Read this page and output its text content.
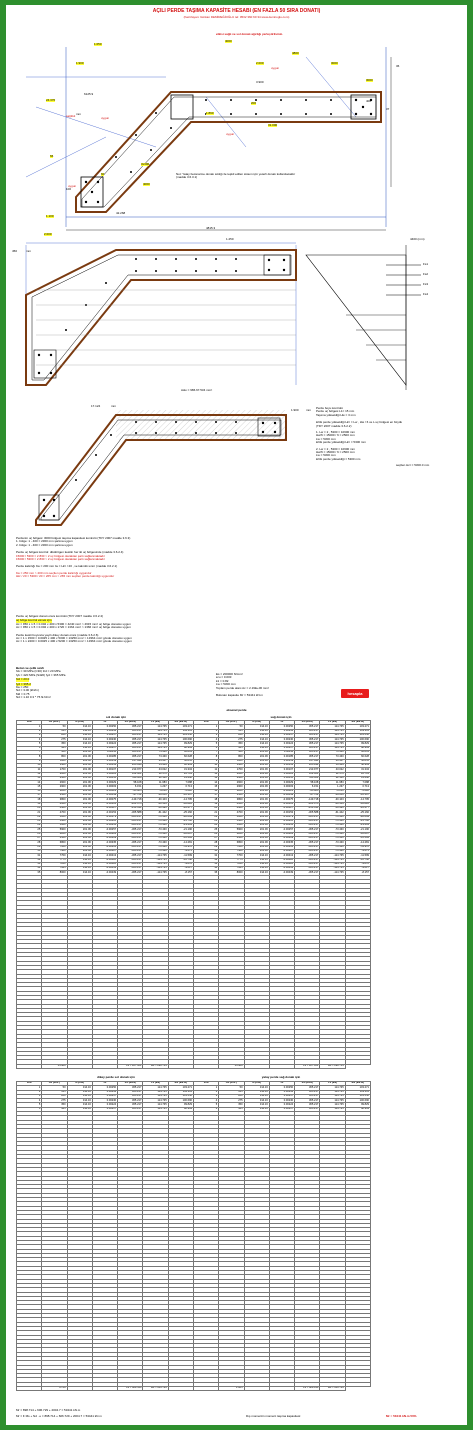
AÇILI PERDE TAŞIMA KAPASİTE HESABI (EN FAZLA 50 SIRA DONATI)
(hazırlayan: Gürkan DEMİREĞİOĞLU tel: 0532 360 60 34 www.demiroglu.com)
etkisi sağlı ve sol donatı ağırlığı yerleştirilsiniz.
4000
1.050
1.900
4800
2.000	3000
3000
200
1.890
24.370
31.000
6125.9
66
60
3x300
4000
1.100
2.000
42.268
4815.3
3.900
100
400
37
36
mm
sağlıklı	uygun
uygun
uygun
uygun
Not: Yatay betonarme donatı sıklığı ile teşkil edilen sistem için yeterli donatı kullanılacaktır (madde 3.6.3.1)
1.250
450	mm
4400 (mm)
Fs1
Fs2
Fs3
Fs4
Askı = 986.67.534 mm²
17.124	mm
1.900 mm Perde boyu kontrolü
Perde uç bölgesi L1= 15 mm
Taşıma yüksekliği Hw = 3 mm
kritik perde yüksekliği Hcr = Lw , Hw / 6 ve L uç bölgesi en büyük
(TDY 2007 madde 3.6.2.2)
1. Lw = 2 , 5300 = 10600 mm
Hw/6 = 15000 / 6 = 2500 mm
Lw = 5300 mm
kritik perde yüksekliği Hcr = 5300 mm
2. Lw = 2 , 5300 = 10600 mm
Hw/6 = 15000 / 6 = 2500 mm
Lw = 5300 mm
kritik perde yüksekliği = 5300 mm
seçilen Hcr = 5300.0 mm
Perdenin uç bölgesi: 3000 bölgesi taşıma kapasitesi kontrolü (TDY 2007 madde 3.6.3)
1. bölge: 1 - 400 = 2300 mm şartına uygun
2. bölge: 1 - 400 = 2300 mm şartına uygun
Perde uç bölgesi kontrol: dikdörtgen kesitin her iki uç bölgesinde (madde 3.6.2.4)
15000 / 5300 = 2.830 > 2 uç bölgesi olaraktan şartı sağlanmaktadır
15000 / 5300 = 2.830 > 2 uç bölgesi olaraktan şartı sağlanmaktadır
Perde kalınlığı bw = 200 mm tw = Hcr / 20 , ve kalınlık sınırı (madde 3.6.2.1)
bw = 250 mm > 200 mm seçilen perde kalınlığı uygundur
Hkr / 20 = 5300 / 20 = 265 mm > 265 mm seçilen perde kalınlığı uygundur
Perde uç bölgesi donatı oranı kontrolü (TDY 2007 madde 3.6.2.4)
uç bölge kontrol etmek için
Ac = 950 x 1.5 = 0.002 x 400 x 5300 = 4240 mm² > 4615 mm² uç bölge donatısı uygun
Ac = 950 x 1.5 = 0.002 x 400 x 1720 = 1364 mm² > 1366 mm² uç bölge donatısı uygun
Perde kesiti boyunca yayılı dikey donatı oranı (madde 3.6.2.6)
Ac = 1 x 1500 = 0.0025 x 400 x 5300 = 13250 mm² > 13364 mm² gövde donatısı uygun
Ac = 1 x 2400 = 0.0025 x 400 x 5200 = 13250 mm² > 13364 mm² gövde donatısı uygun
Beton ve çelik sınıfı
fck = 30 MPa (C30) fcd = 20 MPa
fyk = 420 MPa (S420) fyd = 365 MPa
fcd = 20.0
fyd = 365.2
bw = 250
Nd = 3.00 (kN/m)
Md = 0.75
Nd = 1.10 0.3 * 75 fk.N/m²
Es = 200000 N/mm²
εcu = 0.003
k1 = 0.82
Lw = 5300 mm
Toplam perde alanı Ac = 2.19E+06 mm²
Bulunan kapasite Mr = 53441 kN.m	hesapla
eksenel perde
sol donatı için	sağ donatı için
sıra	As (mm²)	d (mm)	εs	σs (MPa)	Fs (kN)	Ms (kN.m)	sıra	As (mm²)	d (mm)	εs	σs (MPa)	Fs (kN)	Ms (kN.m)
1	50	314.16	0.00250	365.217	114.735	103.271	1	50	314.16	0.00250	365.217	114.735	103.271
2	125	314.16	0.00243	365.217	114.735	102.411	2	125	314.16	0.00243	365.217	114.735	102.411
3	200	314.16	0.00237	365.217	114.735	101.550	3	200	314.16	0.00237	365.217	114.735	101.550
4	275	314.16	0.00230	365.217	114.735	100.690	4	275	314.16	0.00230	365.217	114.735	100.690
5	350	314.16	0.00224	365.217	114.735	99.829	5	350	314.16	0.00224	365.217	114.735	99.829
6	425	314.16	0.00217	365.217	114.735	98.969	6	425	314.16	0.00217	365.217	114.735	98.969
7	500	201.06	0.00211	365.217	73.430	62.831	7	500	201.06	0.00211	365.217	73.430	62.831
8	800	201.06	0.00185	365.217	73.430	60.628	8	800	201.06	0.00185	365.217	73.430	60.628
9	1100	201.06	0.00159	317.891	63.917	50.855	9	1100	201.06	0.00159	317.891	63.917	50.855
10	1400	201.06	0.00133	265.934	53.469	40.939	10	1400	201.06	0.00133	265.934	53.469	40.939
11	1700	201.06	0.00107	213.977	43.022	31.334	11	1700	201.06	0.00107	213.977	43.022	31.334
12	2000	201.06	0.00081	162.021	32.576	22.701	12	2000	201.06	0.00081	162.021	32.576	22.701
13	2300	201.06	0.00055	110.064	22.130	14.438	13	2300	201.06	0.00055	110.064	22.130	14.438
14	2600	201.06	0.00029	58.108	11.683	7.088	14	2600	201.06	0.00029	58.108	11.683	7.088
15	2900	201.06	0.00003	6.151	1.237	0.713	15	2900	201.06	0.00003	6.151	1.237	0.713
16	3200	201.06	-0.00023	-45.805	-9.210	-5.028	16	3200	201.06	-0.00023	-45.805	-9.210	-5.028
17	3500	201.06	-0.00049	-97.762	-19.656	-10.197	17	3500	201.06	-0.00049	-97.762	-19.656	-10.197
18	3800	201.06	-0.00075	-149.718	-30.103	-14.795	18	3800	201.06	-0.00075	-149.718	-30.103	-14.795
19	4100	201.06	-0.00101	-201.675	-40.549	-18.822	19	4100	201.06	-0.00101	-201.675	-40.549	-18.822
20	4400	201.06	-0.00127	-253.631	-50.996	-22.277	20	4400	201.06	-0.00127	-253.631	-50.996	-22.277
21	4700	201.06	-0.00153	-305.588	-61.442	-25.160	21	4700	201.06	-0.00153	-305.588	-61.442	-25.160
22	5000	201.06	-0.00179	-365.217	-73.430	-28.099	22	5000	201.06	-0.00179	-365.217	-73.430	-28.099
23	5300	201.06	-0.00205	-365.217	-73.430	-25.796	23	5300	201.06	-0.00205	-365.217	-73.430	-25.796
24	5600	201.06	-0.00231	-365.217	-73.430	-23.493	24	5600	201.06	-0.00231	-365.217	-73.430	-23.493
25	5900	201.06	-0.00257	-365.217	-73.430	-21.190	25	5900	201.06	-0.00257	-365.217	-73.430	-21.190
26	6200	201.06	-0.00283	-365.217	-73.430	-18.887	26	6200	201.06	-0.00283	-365.217	-73.430	-18.887
27	6500	201.06	-0.00309	-365.217	-73.430	-16.584	27	6500	201.06	-0.00309	-365.217	-73.430	-16.584
28	6800	201.06	-0.00335	-365.217	-73.430	-14.281	28	6800	201.06	-0.00335	-365.217	-73.430	-14.281
29	7100	201.06	-0.00361	-365.217	-73.430	-11.978	29	7100	201.06	-0.00361	-365.217	-73.430	-11.978
30	7400	201.06	-0.00387	-365.217	-73.430	-9.675	30	7400	201.06	-0.00387	-365.217	-73.430	-9.675
31	7700	314.16	-0.00413	-365.217	-114.735	-11.599	31	7700	314.16	-0.00413	-365.217	-114.735	-11.599
32	7775	314.16	-0.00420	-365.217	-114.735	-10.738	32	7775	314.16	-0.00420	-365.217	-114.735	-10.738
33	7850	314.16	-0.00426	-365.217	-114.735	-9.878	33	7850	314.16	-0.00426	-365.217	-114.735	-9.878
34	7925	314.16	-0.00433	-365.217	-114.735	-9.017	34	7925	314.16	-0.00433	-365.217	-114.735	-9.017
35	8000	314.16	-0.00439	-365.217	-114.735	-8.157	35	8000	314.16	-0.00439	-365.217	-114.735	-8.157

	15.989			Fs = 187.321	Ms = 898.714			15.989			Fs = 187.321	Ms = 898.714	
dikey perde sol donatı için	yatay perde sağ donatı için
sıra	As (mm²)	d (mm)	εs	σs (MPa)	Fs (kN)	Ms (kN.m)	sıra	As (mm²)	d (mm)	εs	σs (MPa)	Fs (kN)	Ms (kN.m)
1	50	314.16	0.00250	365.217	114.735	103.271	1	50	314.16	0.00250	365.217	114.735	103.271
2	125	314.16	0.00243	365.217	114.735	102.411	2	125	314.16	0.00243	365.217	114.735	102.411
3	200	314.16	0.00237	365.217	114.735	101.550	3	200	314.16	0.00237	365.217	114.735	101.550
4	275	314.16	0.00230	365.217	114.735	100.690	4	275	314.16	0.00230	365.217	114.735	100.690
5	350	314.16	0.00224	365.217	114.735	99.829	5	350	314.16	0.00224	365.217	114.735	99.829
6	425	314.16	0.00217	365.217	114.735	98.969	6	425	314.16	0.00217	365.217	114.735	98.969

	3.769			Fs = 688.410	Ms = 606.729			1.885			Fs = 688.410	Ms = 606.729	
Mr = 898.714 + 606.729 + 2004.7 = 53441 kN.m
Mr = Σ Ms + Nd . e = 898.714 + 606.729 + 2004.7 = 53441 kN.m	Dış momentin moment taşıma kapasitesi:	Mr = 53441 kN.m 50%
